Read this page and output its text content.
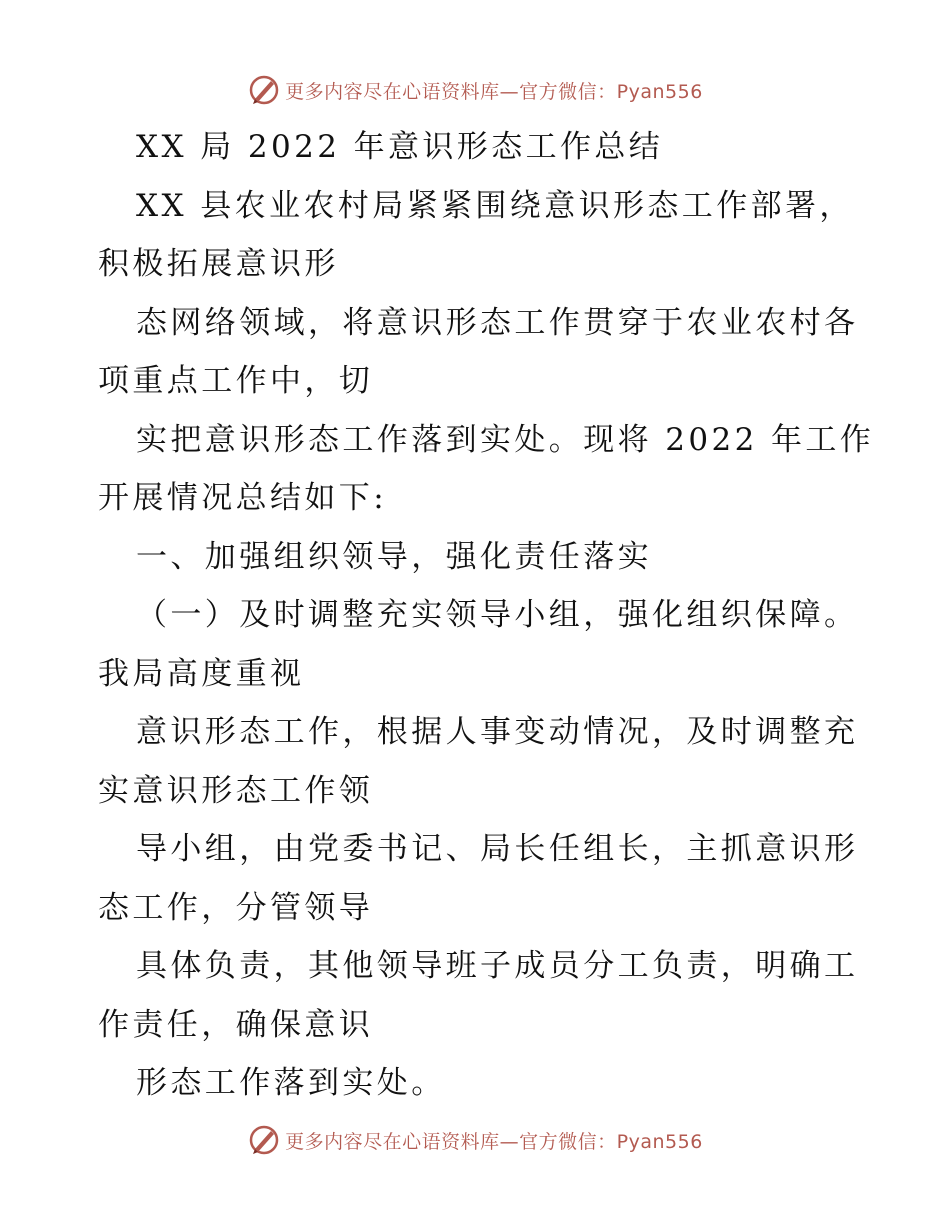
更多内容尽在心语资料库—官方微信：Pyan556

XX 局 2022 年意识形态工作总结

XX 县农业农村局紧紧围绕意识形态工作部署，

积极拓展意识形

态网络领域，将意识形态工作贯穿于农业农村各

项重点工作中，切

实把意识形态工作落到实处。现将 2022 年工作

开展情况总结如下:

一、加强组织领导，强化责任落实

（一）及时调整充实领导小组，强化组织保障。

我局高度重视

意识形态工作，根据人事变动情况，及时调整充

实意识形态工作领

导小组，由党委书记、局长任组长，主抓意识形

态工作，分管领导

具体负责，其他领导班子成员分工负责，明确工

作责任，确保意识

形态工作落到实处。

更多内容尽在心语资料库—官方微信：Pyan556
